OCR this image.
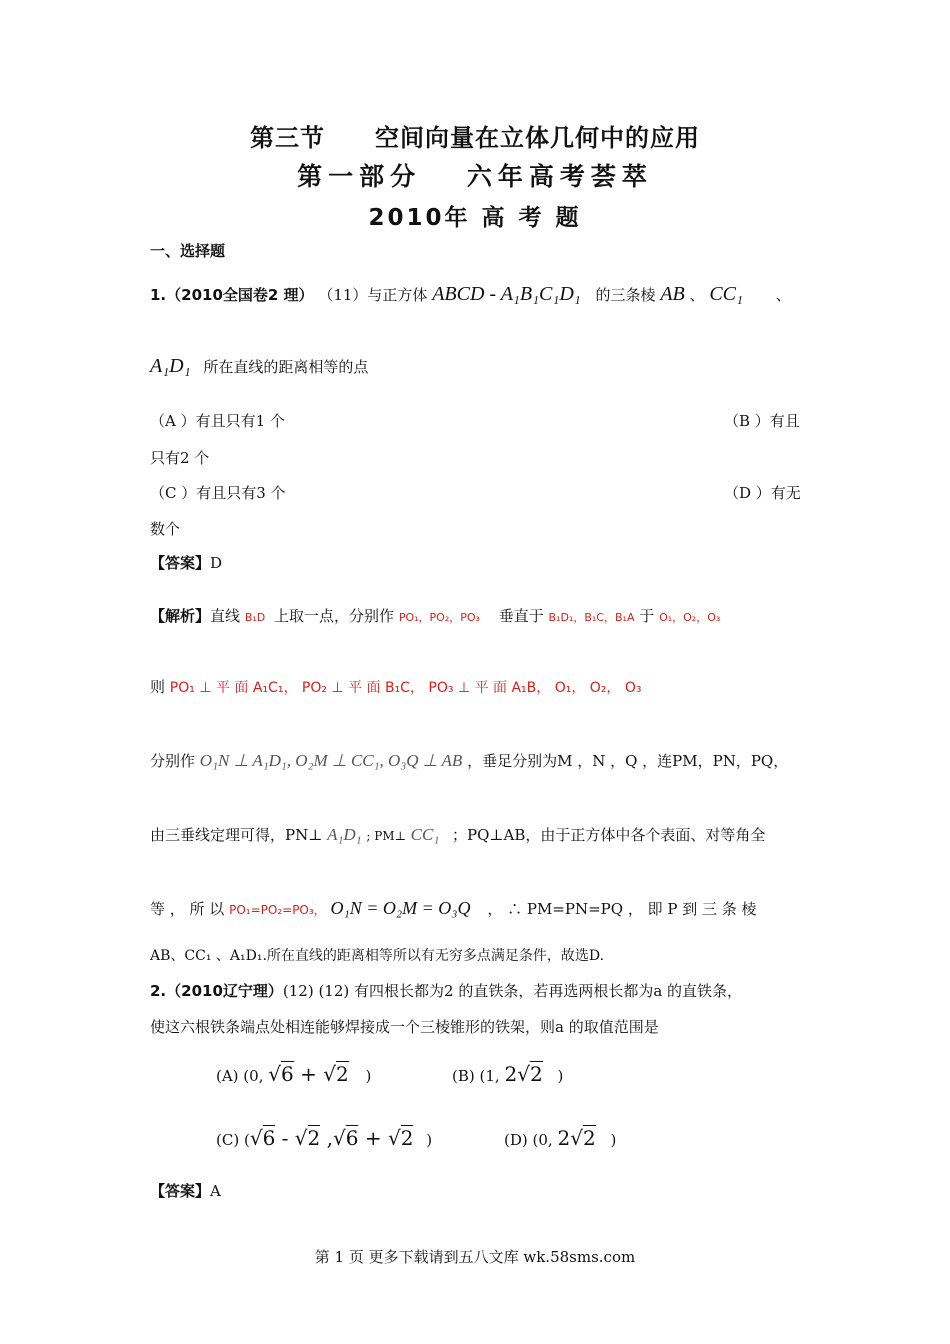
第三节　　空间向量在立体几何中的应用
第一部分　 六年高考荟萃
2010年 高 考 题
一、选择题
1.（2010全国卷2 理） （11）与正方体 ABCD - A₁B₁C₁D₁ 的三条棱 AB 、 CC₁ 、
A₁D₁ 所在直线的距离相等的点
（A ）有且只有1 个	（B ）有且
只有2 个
（C ）有且只有3 个	（D ）有无
数个
【答案】D
【解析】直线 B₁D 上取一点，分别作 PO₁，PO₂，PO₃ 垂直于 B₁D₁，B₁C，B₁A 于 O₁，O₂，O₃
则 PO₁ ⊥ 平 面 A₁C₁， PO₂ ⊥ 平 面 B₁C， PO₃ ⊥ 平 面 A₁B， O₁， O₂， O₃
分别作 O₁N ⊥ A₁D₁, O₂M ⊥ CC₁, O₃Q ⊥ AB ，垂足分别为M ，N ，Q ，连PM，PN，PQ，
由三垂线定理可得，PN⊥ A₁D₁ ; PM⊥ CC₁ ；PQ⊥AB，由于正方体中各个表面、对等角全
等 ， 所 以 PO₁=PO₂=PO₃， O₁N = O₂M = O₃Q ， ∴ PM=PN=PQ ， 即 P 到 三 条 棱
AB、CC₁ 、A₁D₁.所在直线的距离相等所以有无穷多点满足条件，故选D.
2.（2010辽宁理）(12) (12) 有四根长都为2 的直铁条，若再选两根长都为a 的直铁条，
使这六根铁条端点处相连能够焊接成一个三棱锥形的铁架，则a 的取值范围是
(A) (0, √6 + √2 )	(B) (1, 2√2 )
(C) (√6 - √2 ,√6 + √2 )	(D) (0, 2√2 )
【答案】A
第 1 页 更多下载请到五八文库 wk.58sms.com
